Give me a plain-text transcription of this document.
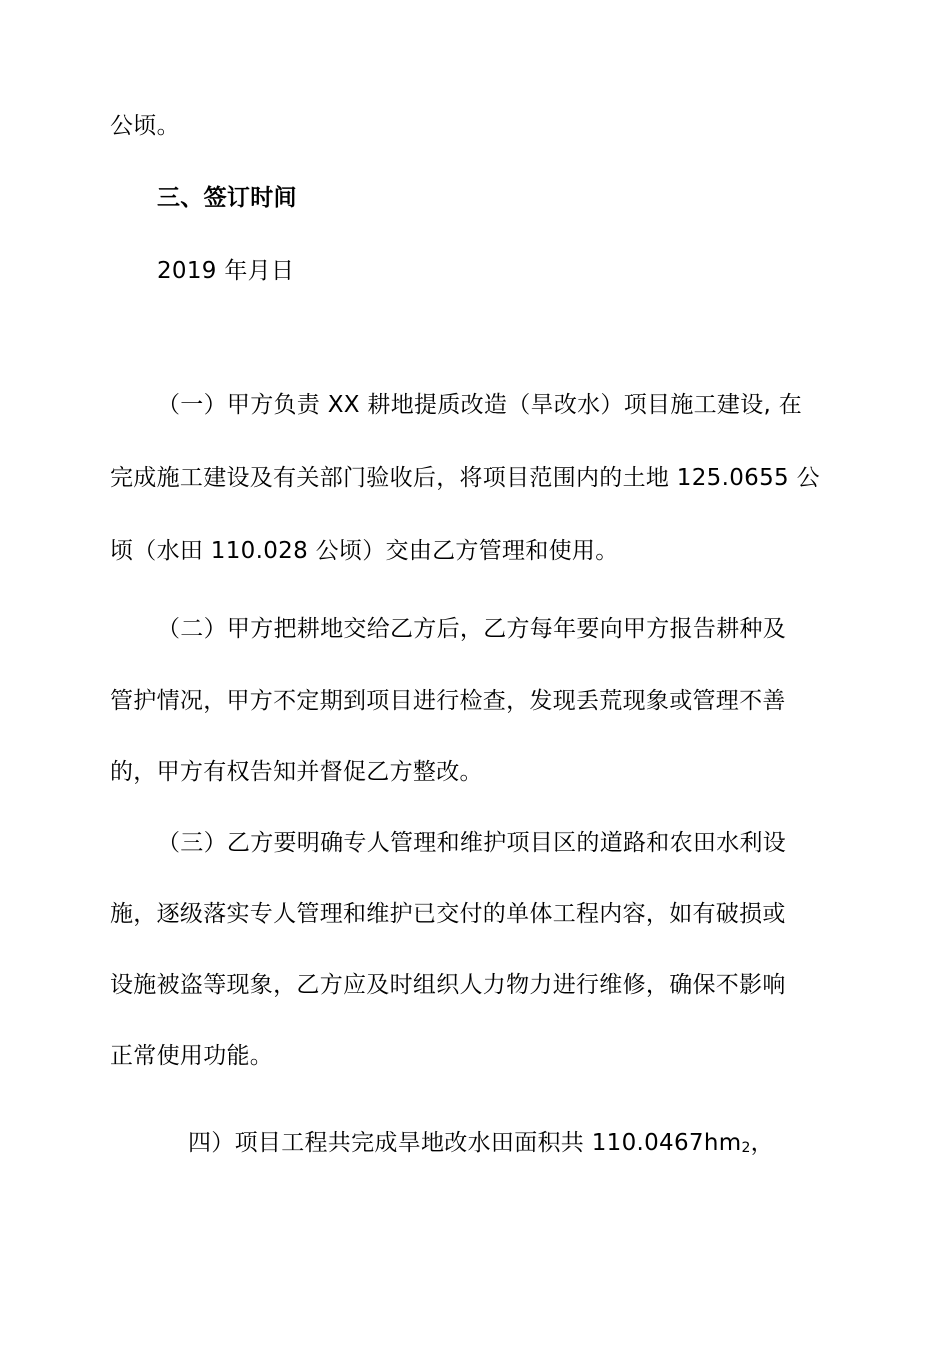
公顷。
三、签订时间
2019 年月日
（一）甲方负责 XX 耕地提质改造（旱改水）项目施工建设, 在
完成施工建设及有关部门验收后，将项目范围内的土地 125.0655 公
顷（水田 110.028 公顷）交由乙方管理和使用。
（二）甲方把耕地交给乙方后，乙方每年要向甲方报告耕种及
管护情况，甲方不定期到项目进行检查，发现丢荒现象或管理不善
的，甲方有权告知并督促乙方整改。
（三）乙方要明确专人管理和维护项目区的道路和农田水利设
施，逐级落实专人管理和维护已交付的单体工程内容，如有破损或
设施被盗等现象，乙方应及时组织人力物力进行维修，确保不影响
正常使用功能。
四）项目工程共完成旱地改水田面积共 110.0467hm2，
